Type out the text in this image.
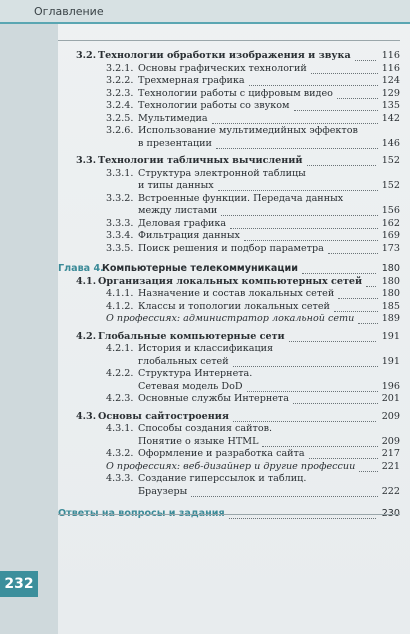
Оглавление
3.2. Технологии обработки изображения и звука	116
3.2.1. Основы графических технологий	116
3.2.2. Трехмерная графика	124
3.2.3. Технологии работы с цифровым видео	129
3.2.4. Технологии работы со звуком	135
3.2.5. Мультимедиа	142
3.2.6. Использование мультимедийных эффектов
в презентации	146
3.3. Технологии табличных вычислений	152
3.3.1. Структура электронной таблицы
и типы данных	152
3.3.2. Встроенные функции. Передача данных
между листами	156
3.3.3. Деловая графика	162
3.3.4. Фильтрация данных	169
3.3.5. Поиск решения и подбор параметра	173
Глава 4.
Компьютерные телекоммуникации	180
4.1. Организация локальных компьютерных сетей 180
4.1.1. Назначение и состав локальных сетей	180
4.1.2. Классы и топологии локальных сетей	185
О профессиях: администратор локальной сети	189
4.2. Глобальные компьютерные сети	191
4.2.1. История и классификация
глобальных сетей	191
4.2.2. Структура Интернета.
Сетевая модель DoD	196
4.2.3. Основные службы Интернета	201
4.3. Основы сайтостроения	209
4.3.1. Способы создания сайтов.
Понятие о языке HTML	209
4.3.2. Оформление и разработка сайта	217
О профессиях: веб-дизайнер и другие профессии	221
4.3.3. Создание гиперссылок и таблиц.
Браузеры	222
Ответы на вопросы и задания	230
232
